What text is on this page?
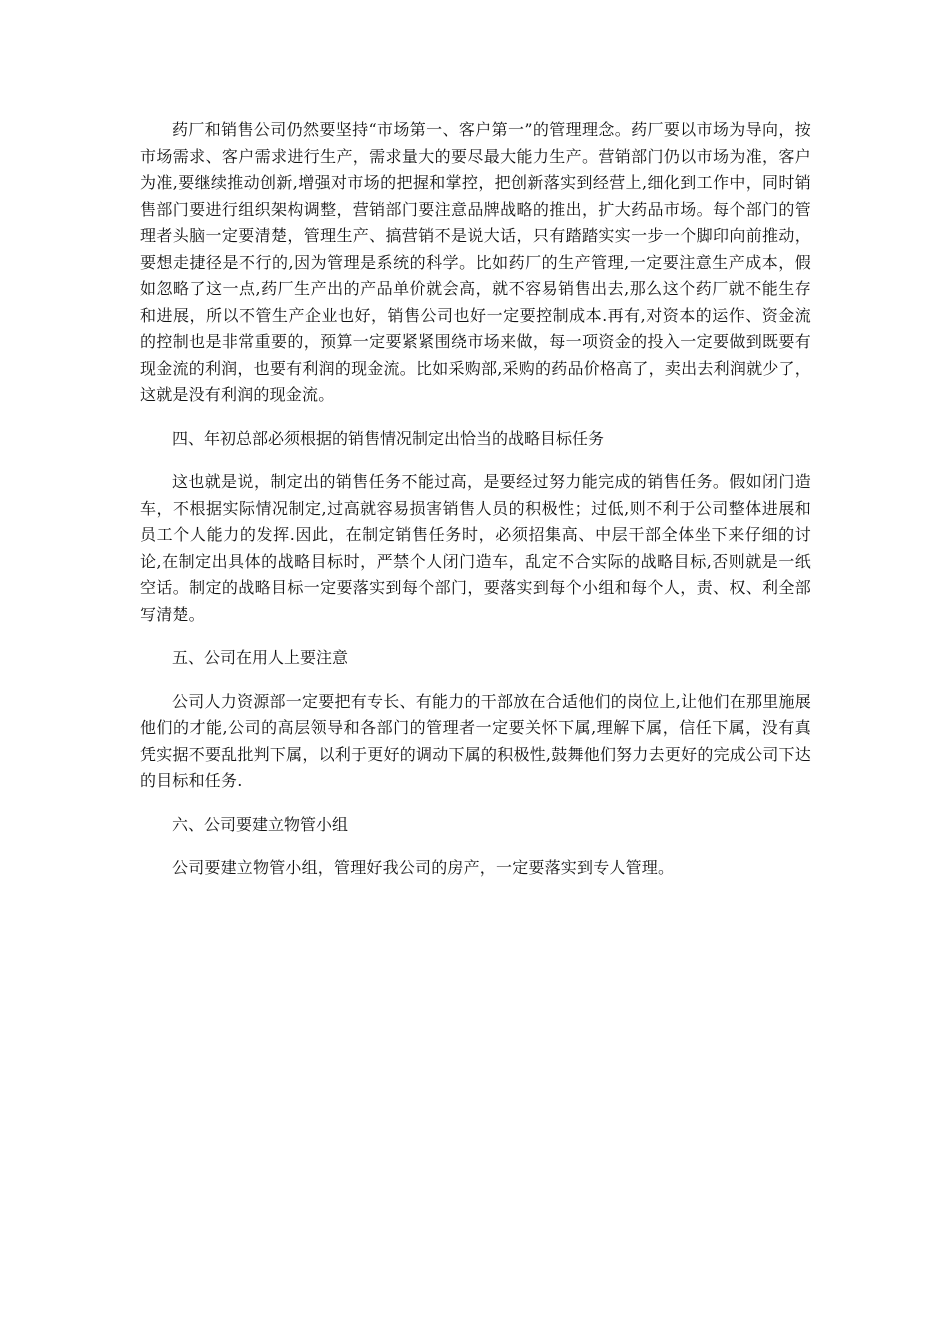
药厂和销售公司仍然要坚持“市场第一、客户第一”的管理理念。药厂要以市场为导向，按市场需求、客户需求进行生产，需求量大的要尽最大能力生产。营销部门仍以市场为准，客户为准,要继续推动创新,增强对市场的把握和掌控，把创新落实到经营上,细化到工作中，同时销售部门要进行组织架构调整，营销部门要注意品牌战略的推出，扩大药品市场。每个部门的管理者头脑一定要清楚，管理生产、搞营销不是说大话，只有踏踏实实一步一个脚印向前推动，要想走捷径是不行的,因为管理是系统的科学。比如药厂的生产管理,一定要注意生产成本，假如忽略了这一点,药厂生产出的产品单价就会高，就不容易销售出去,那么这个药厂就不能生存和进展，所以不管生产企业也好，销售公司也好一定要控制成本.再有,对资本的运作、资金流的控制也是非常重要的，预算一定要紧紧围绕市场来做，每一项资金的投入一定要做到既要有现金流的利润，也要有利润的现金流。比如采购部,采购的药品价格高了，卖出去利润就少了，这就是没有利润的现金流。

四、年初总部必须根据的销售情况制定出恰当的战略目标任务

这也就是说，制定出的销售任务不能过高，是要经过努力能完成的销售任务。假如闭门造车，不根据实际情况制定,过高就容易损害销售人员的积极性；过低,则不利于公司整体进展和员工个人能力的发挥.因此，在制定销售任务时，必须招集高、中层干部全体坐下来仔细的讨论,在制定出具体的战略目标时，严禁个人闭门造车，乱定不合实际的战略目标,否则就是一纸空话。制定的战略目标一定要落实到每个部门，要落实到每个小组和每个人，责、权、利全部写清楚。

五、公司在用人上要注意

公司人力资源部一定要把有专长、有能力的干部放在合适他们的岗位上,让他们在那里施展他们的才能,公司的高层领导和各部门的管理者一定要关怀下属,理解下属，信任下属，没有真凭实据不要乱批判下属，以利于更好的调动下属的积极性,鼓舞他们努力去更好的完成公司下达的目标和任务.

六、公司要建立物管小组

公司要建立物管小组，管理好我公司的房产，一定要落实到专人管理。
